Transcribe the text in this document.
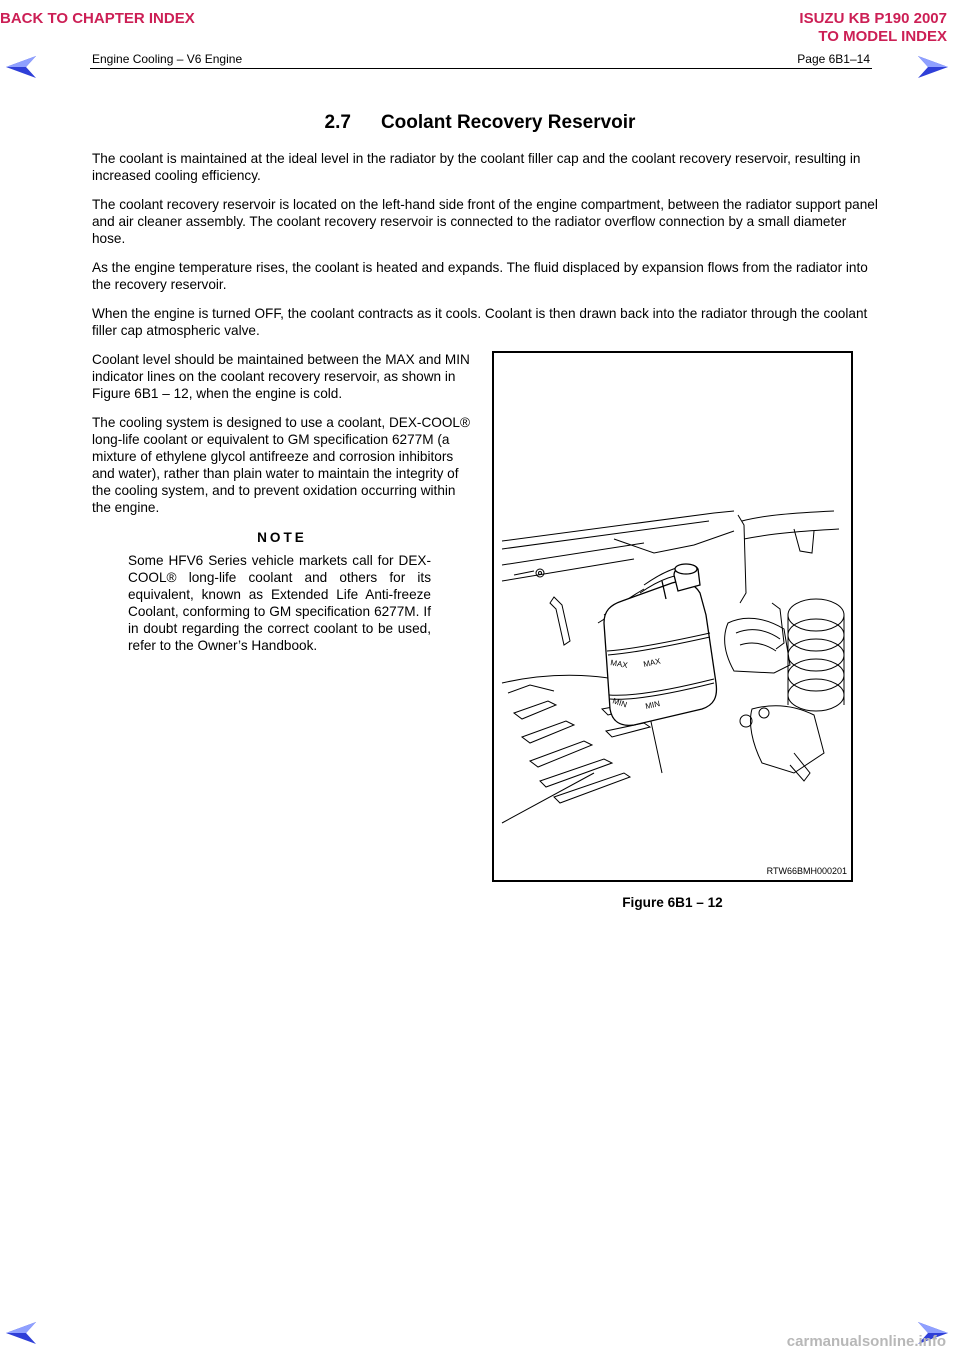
BACK TO CHAPTER INDEX	ISUZU KB P190 2007
TO MODEL INDEX
Engine Cooling – V6 Engine	Page 6B1–14
2.7 Coolant Recovery Reservoir

The coolant is maintained at the ideal level in the radiator by the coolant filler cap and the coolant recovery reservoir, resulting in increased cooling efficiency.

The coolant recovery reservoir is located on the left-hand side front of the engine compartment, between the radiator support panel and air cleaner assembly. The coolant recovery reservoir is connected to the radiator overflow connection by a small diameter hose.

As the engine temperature rises, the coolant is heated and expands. The fluid displaced by expansion flows from the radiator into the recovery reservoir.

When the engine is turned OFF, the coolant contracts as it cools. Coolant is then drawn back into the radiator through the coolant filler cap atmospheric valve.

Coolant level should be maintained between the MAX and MIN indicator lines on the coolant recovery reservoir, as shown in Figure 6B1 – 12, when the engine is cold.

The cooling system is designed to use a coolant, DEX-COOL® long-life coolant or equivalent to GM specification 6277M (a mixture of ethylene glycol antifreeze and corrosion inhibitors and water), rather than plain water to maintain the integrity of the cooling system, and to prevent oxidation occurring within the engine.

NOTE

Some HFV6 Series vehicle markets call for DEX-COOL® long-life coolant and others for its equivalent, known as Extended Life Anti-freeze Coolant, conforming to GM specification 6277M. If in doubt regarding the correct coolant to be used, refer to the Owner’s Handbook.

MAX MAX
MIN MIN
RTW66BMH000201
Figure 6B1 – 12
carmanualsonline.info
